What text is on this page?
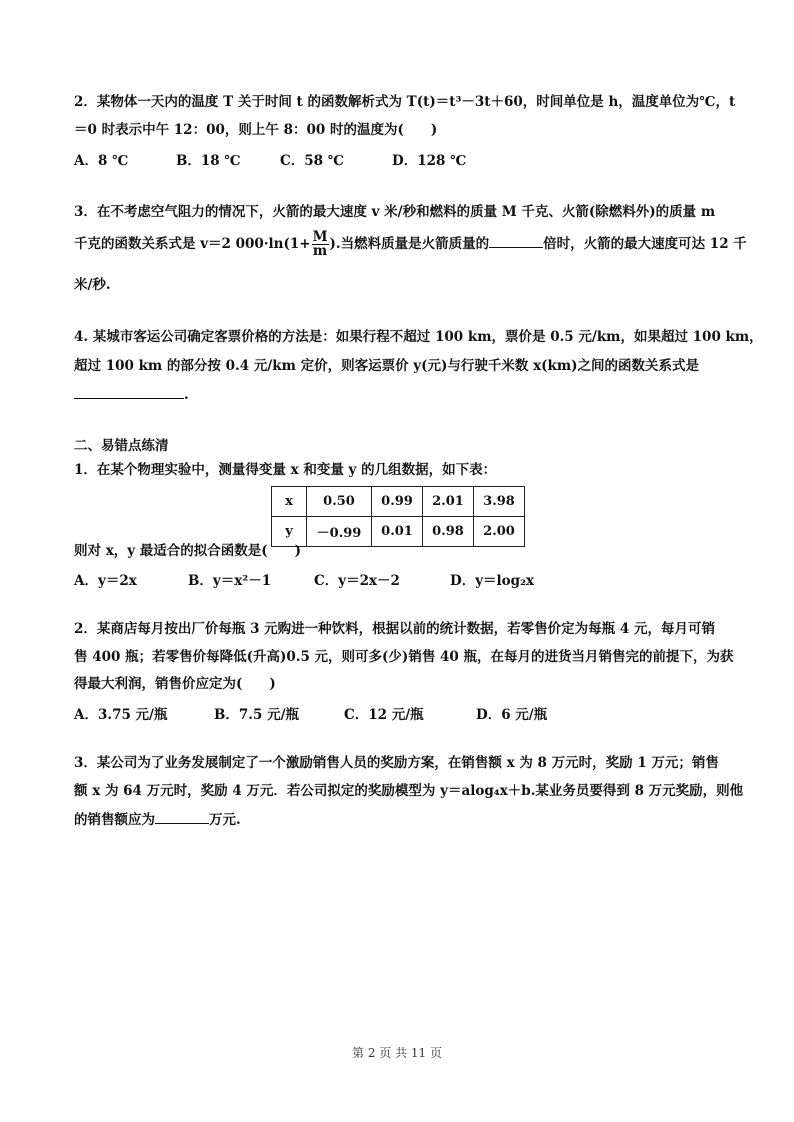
2．某物体一天内的温度 T 关于时间 t 的函数解析式为 T(t)＝t³－3t＋60，时间单位是 h，温度单位为℃，t
＝0 时表示中午 12：00，则上午 8：00 时的温度为(　　)
A．8 ℃	B．18 ℃	C．58 ℃	D．128 ℃
3．在不考虑空气阻力的情况下，火箭的最大速度 v 米/秒和燃料的质量 M 千克、火箭(除燃料外)的质量 m
千克的函数关系式是 v＝2 $000\cdot\ln(1+ \frac{M}{m}$ ).当燃料质量是火箭质量的	倍时，火箭的最大速度可达 12 千
米/秒.
4. 某城市客运公司确定客票价格的方法是：如果行程不超过 100 km，票价是 0.5 元/km，如果超过 100 km，
超过 100 km 的部分按 0.4 元/km 定价，则客运票价 y(元)与行驶千米数 x(km)之间的函数关系式是
.
二、易错点练清
1．在某个物理实验中，测量得变量 x 和变量 y 的几组数据，如下表：
x	0.50	0.99	2.01	3.98
y	－0.99	0.01	0.98	2.00
则对 x，y 最适合的拟合函数是(　　)
A．y＝2x	B．y＝x²－1	C．y＝2x－2	D．y＝log₂x
2．某商店每月按出厂价每瓶 3 元购进一种饮料，根据以前的统计数据，若零售价定为每瓶 4 元，每月可销
售 400 瓶；若零售价每降低(升高)0.5 元，则可多(少)销售 40 瓶，在每月的进货当月销售完的前提下，为获
得最大利润，销售价应定为(　　)
A．3.75 元/瓶	B．7.5 元/瓶	C．12 元/瓶	D．6 元/瓶
3．某公司为了业务发展制定了一个激励销售人员的奖励方案，在销售额 x 为 8 万元时，奖励 1 万元；销售
额 x 为 64 万元时，奖励 4 万元．若公司拟定的奖励模型为 y＝alog₄x＋b.某业务员要得到 8 万元奖励，则他
的销售额应为	万元.
第 2 页 共 11 页
